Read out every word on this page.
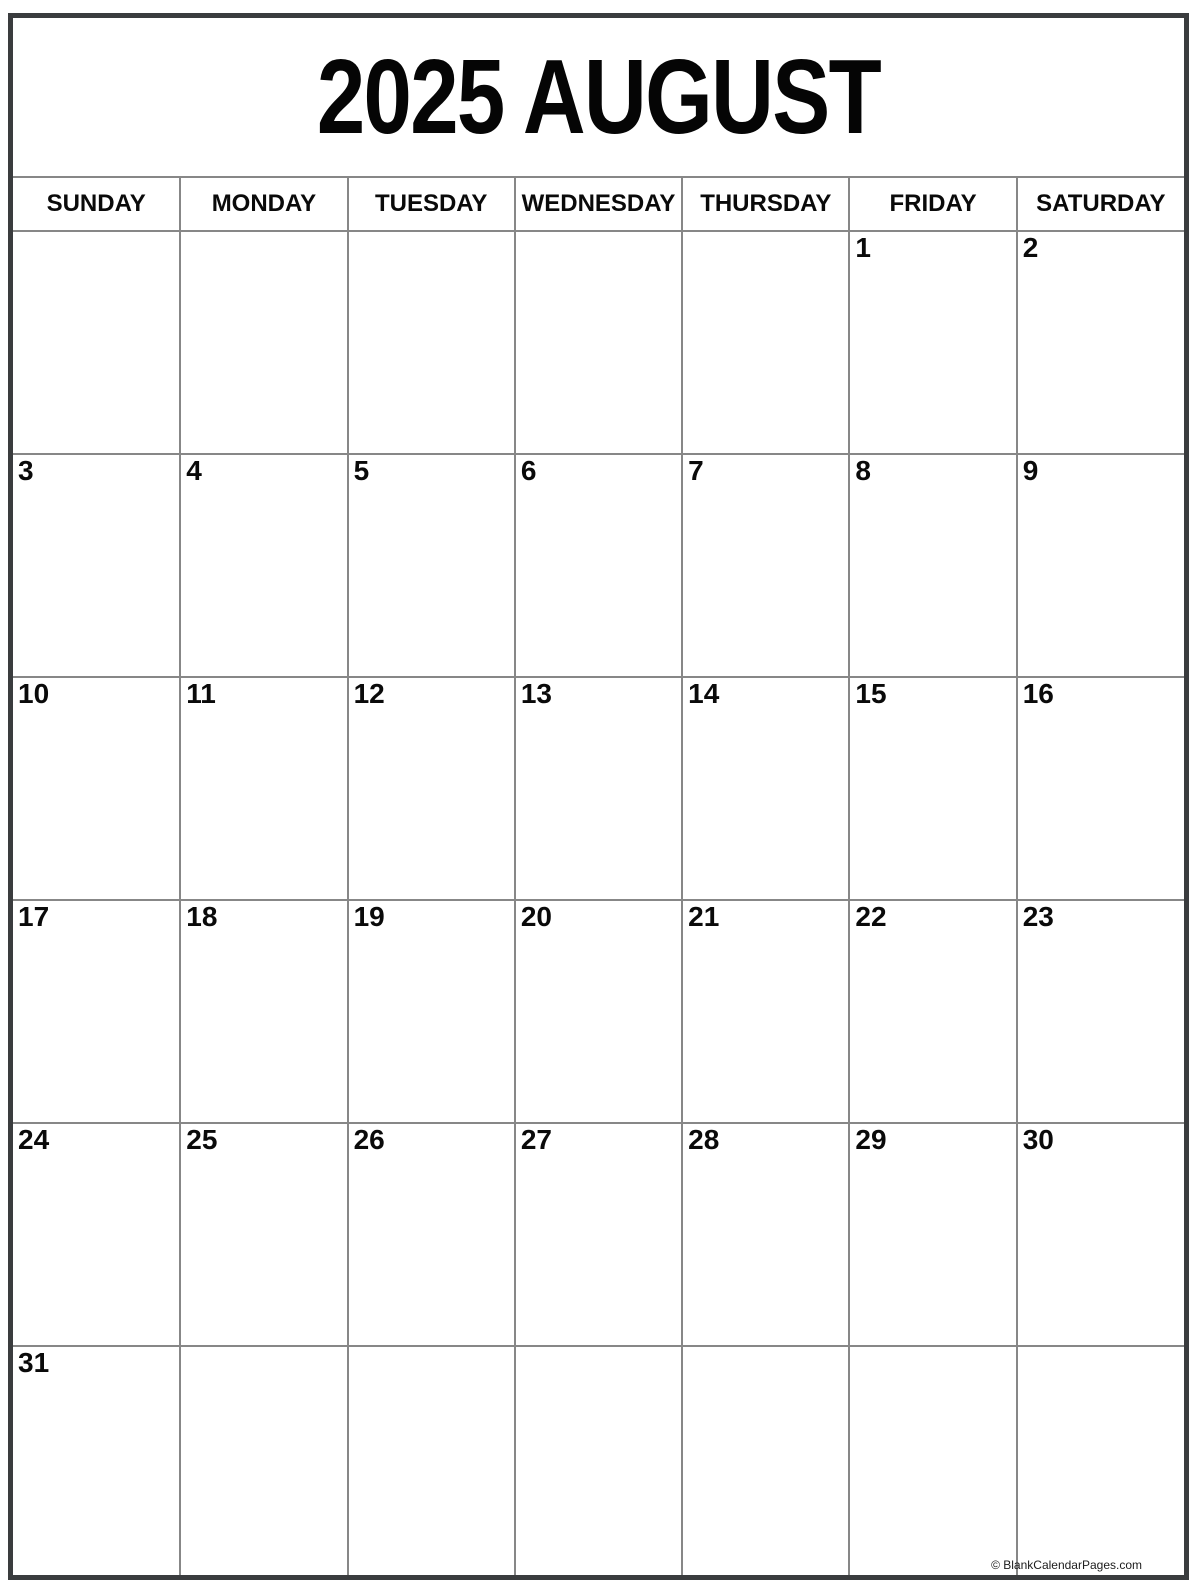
2025 AUGUST
SUNDAY	MONDAY	TUESDAY	WEDNESDAY	THURSDAY	FRIDAY	SATURDAY
					1	2
3	4	5	6	7	8	9
10	11	12	13	14	15	16
17	18	19	20	21	22	23
24	25	26	27	28	29	30
31						
© BlankCalendarPages.com
